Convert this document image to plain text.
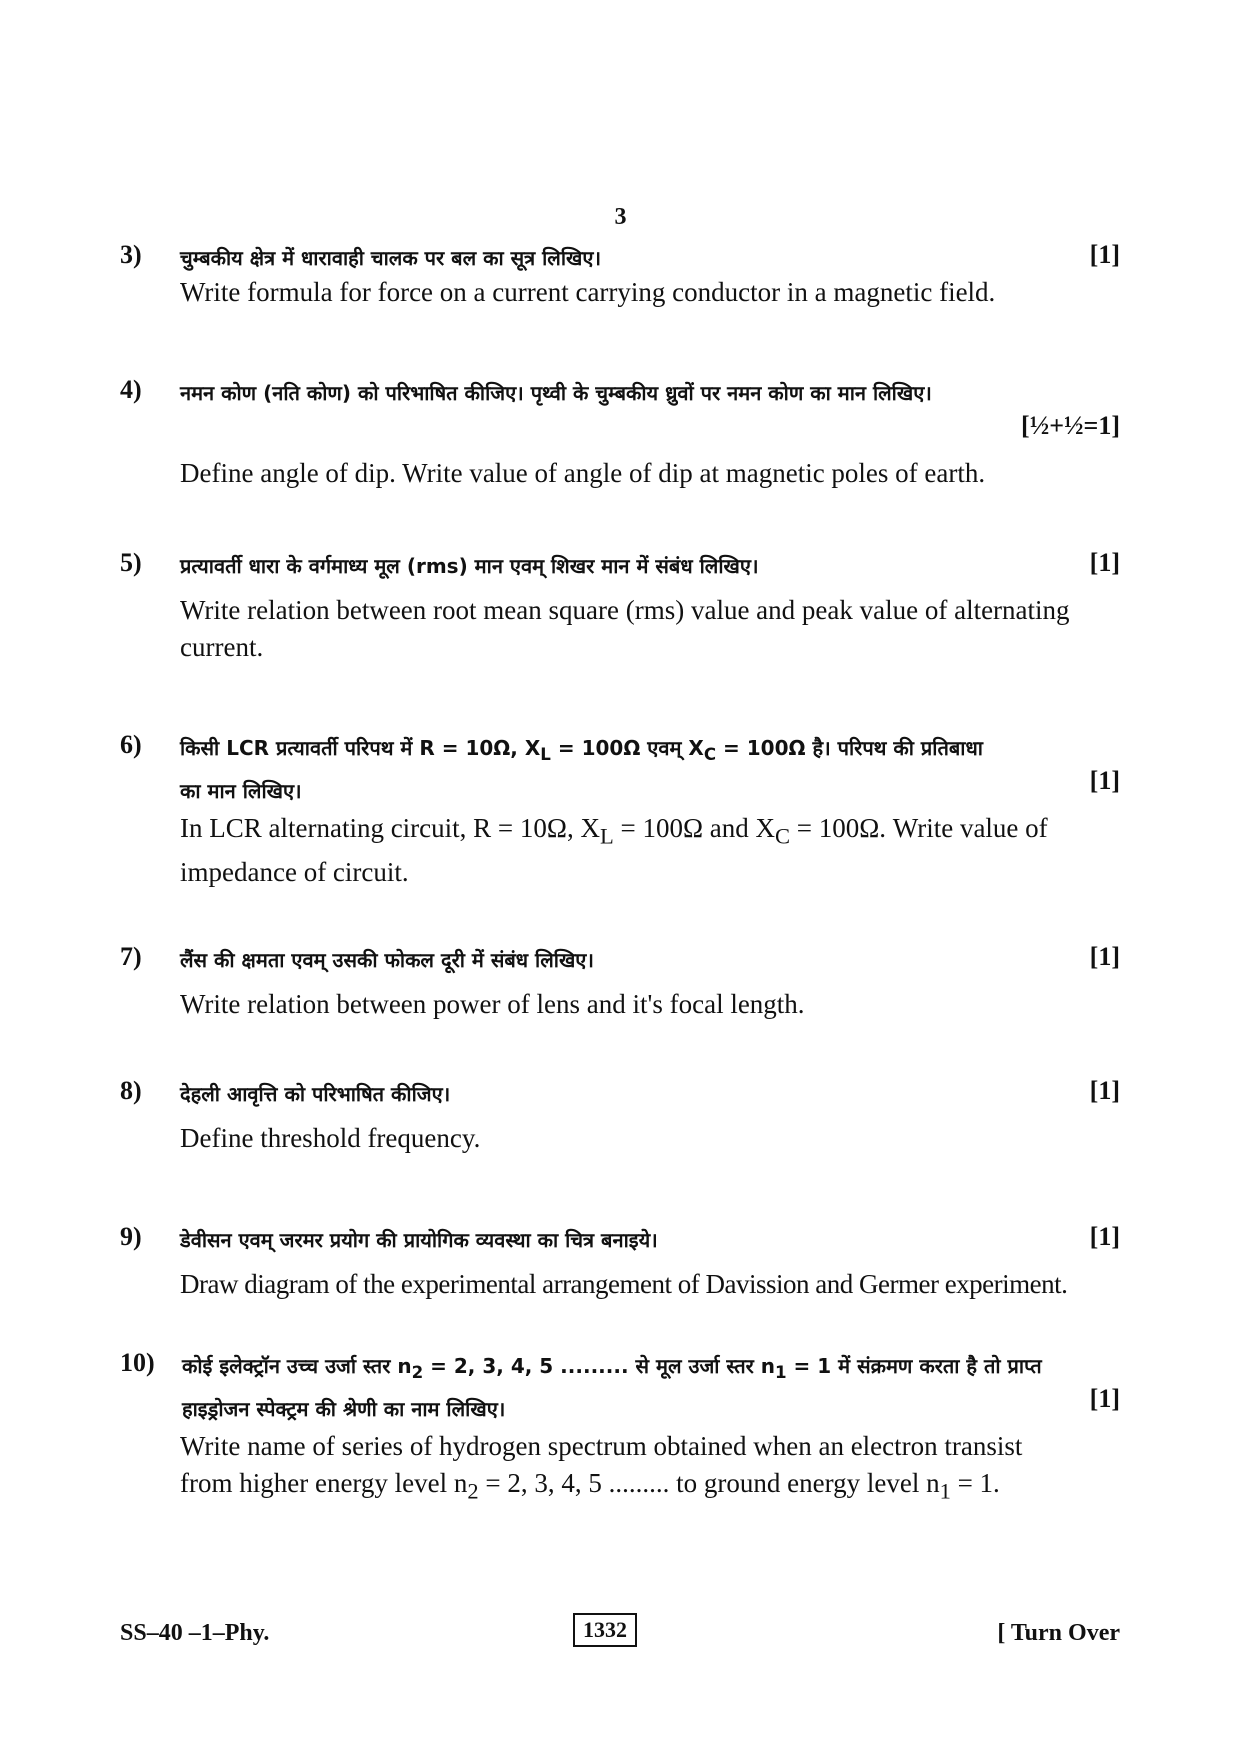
3
3) चुम्बकीय क्षेत्र में धारावाही चालक पर बल का सूत्र लिखिए।	[1]
Write formula for force on a current carrying conductor in a magnetic field.
4) नमन कोण (नति कोण) को परिभाषित कीजिए। पृथ्वी के चुम्बकीय ध्रुवों पर नमन कोण का मान लिखिए।
[½+½=1]
Define angle of dip. Write value of angle of dip at magnetic poles of earth.
5) प्रत्यावर्ती धारा के वर्गमाध्य मूल (rms) मान एवम् शिखर मान में संबंध लिखिए।	[1]
Write relation between root mean square (rms) value and peak value of alternating
current.
6) किसी LCR प्रत्यावर्ती परिपथ में R = 10Ω, $X_L = 100\Omega$ एवम् $X_C = 100\Omega$ है। परिपथ की प्रतिबाधा
का मान लिखिए।	[1]
In LCR alternating circuit, R = 10Ω, $X_L = 100\Omega$ and $X_C = 100\Omega$. Write value of
impedance of circuit.
7) लैंस की क्षमता एवम् उसकी फोकल दूरी में संबंध लिखिए।	[1]
Write relation between power of lens and it's focal length.
8) देहली आवृत्ति को परिभाषित कीजिए।	[1]
Define threshold frequency.
9) डेवीसन एवम् जरमर प्रयोग की प्रायोगिक व्यवस्था का चित्र बनाइये।	[1]
Draw diagram of the experimental arrangement of Davission and Germer experiment.
10) कोई इलेक्ट्रॉन उच्च उर्जा स्तर $n_2 = 2$, 3, 4, 5 ......... से मूल उर्जा स्तर $n_1 = 1$ में संक्रमण करता है तो प्राप्त
हाइड्रोजन स्पेक्ट्रम की श्रेणी का नाम लिखिए।	[1]
Write name of series of hydrogen spectrum obtained when an electron transist
from higher energy level $n_2 = 2$, 3, 4, 5 ......... to ground energy level $n_1 = 1$.
SS–40 –1–Phy.	1332	[ Turn Over
